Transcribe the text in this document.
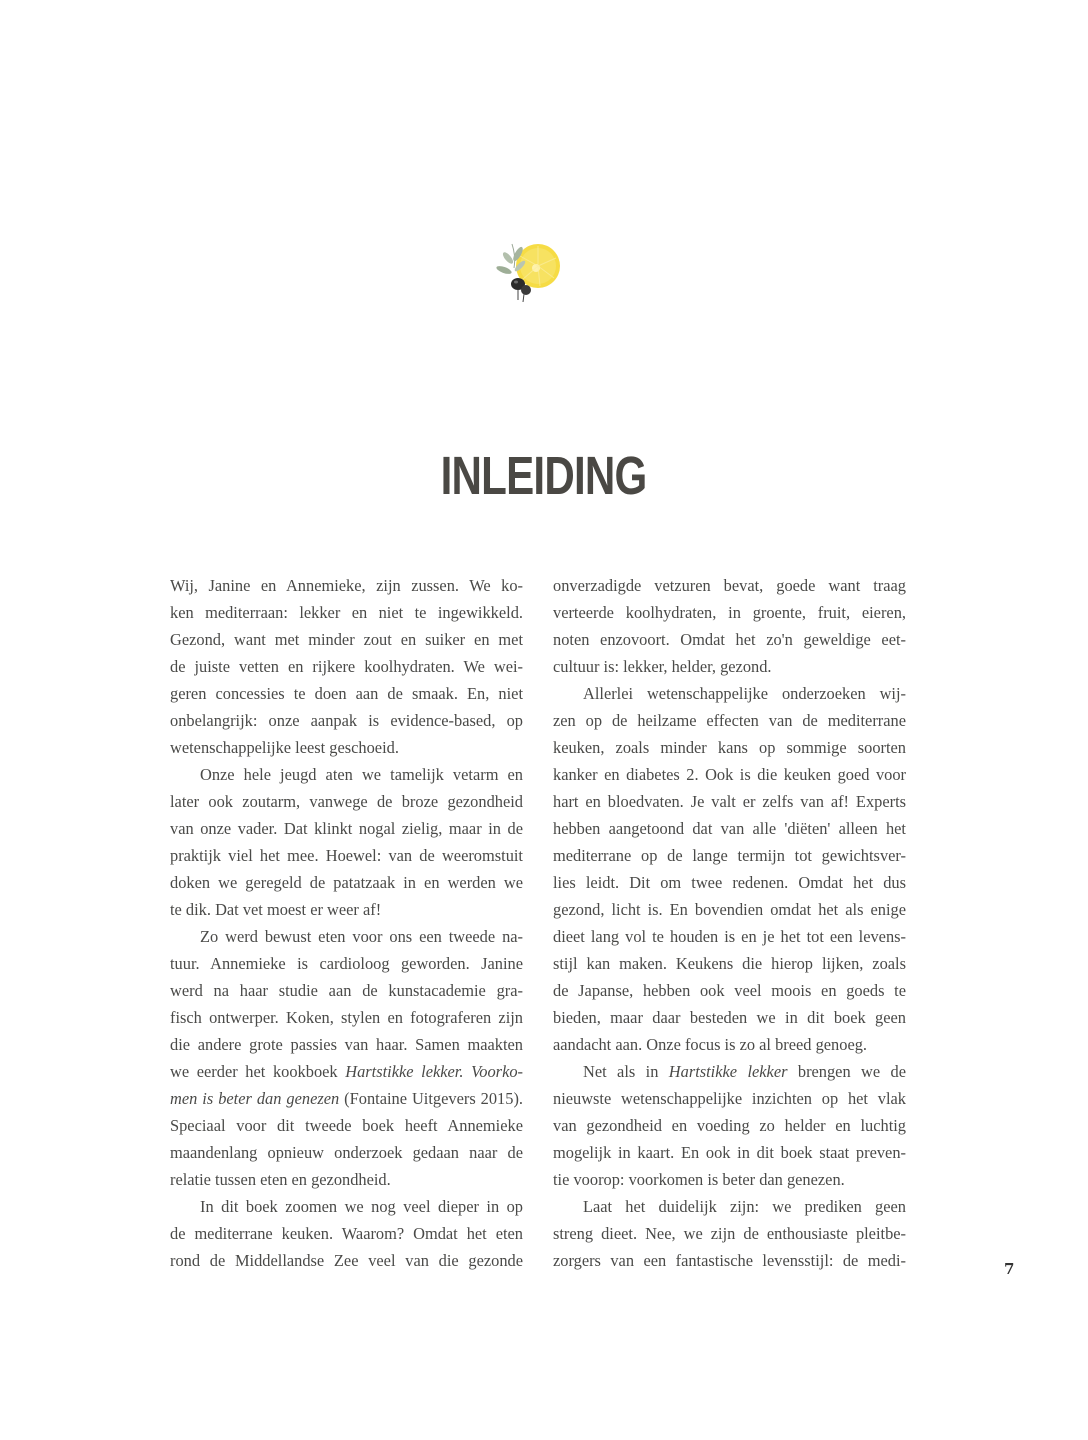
INLEIDING
Wij, Janine en Annemieke, zijn zussen. We ko-
ken mediterraan: lekker en niet te ingewikkeld.
Gezond, want met minder zout en suiker en met
de juiste vetten en rijkere koolhydraten. We wei-
geren concessies te doen aan de smaak. En, niet
onbelangrijk: onze aanpak is evidence-based, op
wetenschappelijke leest geschoeid.
Onze hele jeugd aten we tamelijk vetarm en
later ook zoutarm, vanwege de broze gezondheid
van onze vader. Dat klinkt nogal zielig, maar in de
praktijk viel het mee. Hoewel: van de weeromstuit
doken we geregeld de patatzaak in en werden we
te dik. Dat vet moest er weer af!
Zo werd bewust eten voor ons een tweede na-
tuur. Annemieke is cardioloog geworden. Janine
werd na haar studie aan de kunstacademie gra-
fisch ontwerper. Koken, stylen en fotograferen zijn
die andere grote passies van haar. Samen maakten
we eerder het kookboek Hartstikke lekker. Voorko-
men is beter dan genezen (Fontaine Uitgevers 2015).
Speciaal voor dit tweede boek heeft Annemieke
maandenlang opnieuw onderzoek gedaan naar de
relatie tussen eten en gezondheid.
In dit boek zoomen we nog veel dieper in op
de mediterrane keuken. Waarom? Omdat het eten
rond de Middellandse Zee veel van die gezonde
onverzadigde vetzuren bevat, goede want traag
verteerde koolhydraten, in groente, fruit, eieren,
noten enzovoort. Omdat het zo'n geweldige eet-
cultuur is: lekker, helder, gezond.
Allerlei wetenschappelijke onderzoeken wij-
zen op de heilzame effecten van de mediterrane
keuken, zoals minder kans op sommige soorten
kanker en diabetes 2. Ook is die keuken goed voor
hart en bloedvaten. Je valt er zelfs van af! Experts
hebben aangetoond dat van alle 'diëten' alleen het
mediterrane op de lange termijn tot gewichtsver-
lies leidt. Dit om twee redenen. Omdat het dus
gezond, licht is. En bovendien omdat het als enige
dieet lang vol te houden is en je het tot een levens-
stijl kan maken. Keukens die hierop lijken, zoals
de Japanse, hebben ook veel moois en goeds te
bieden, maar daar besteden we in dit boek geen
aandacht aan. Onze focus is zo al breed genoeg.
Net als in Hartstikke lekker brengen we de
nieuwste wetenschappelijke inzichten op het vlak
van gezondheid en voeding zo helder en luchtig
mogelijk in kaart. En ook in dit boek staat preven-
tie voorop: voorkomen is beter dan genezen.
Laat het duidelijk zijn: we prediken geen
streng dieet. Nee, we zijn de enthousiaste pleitbe-
zorgers van een fantastische levensstijl: de medi-	7
